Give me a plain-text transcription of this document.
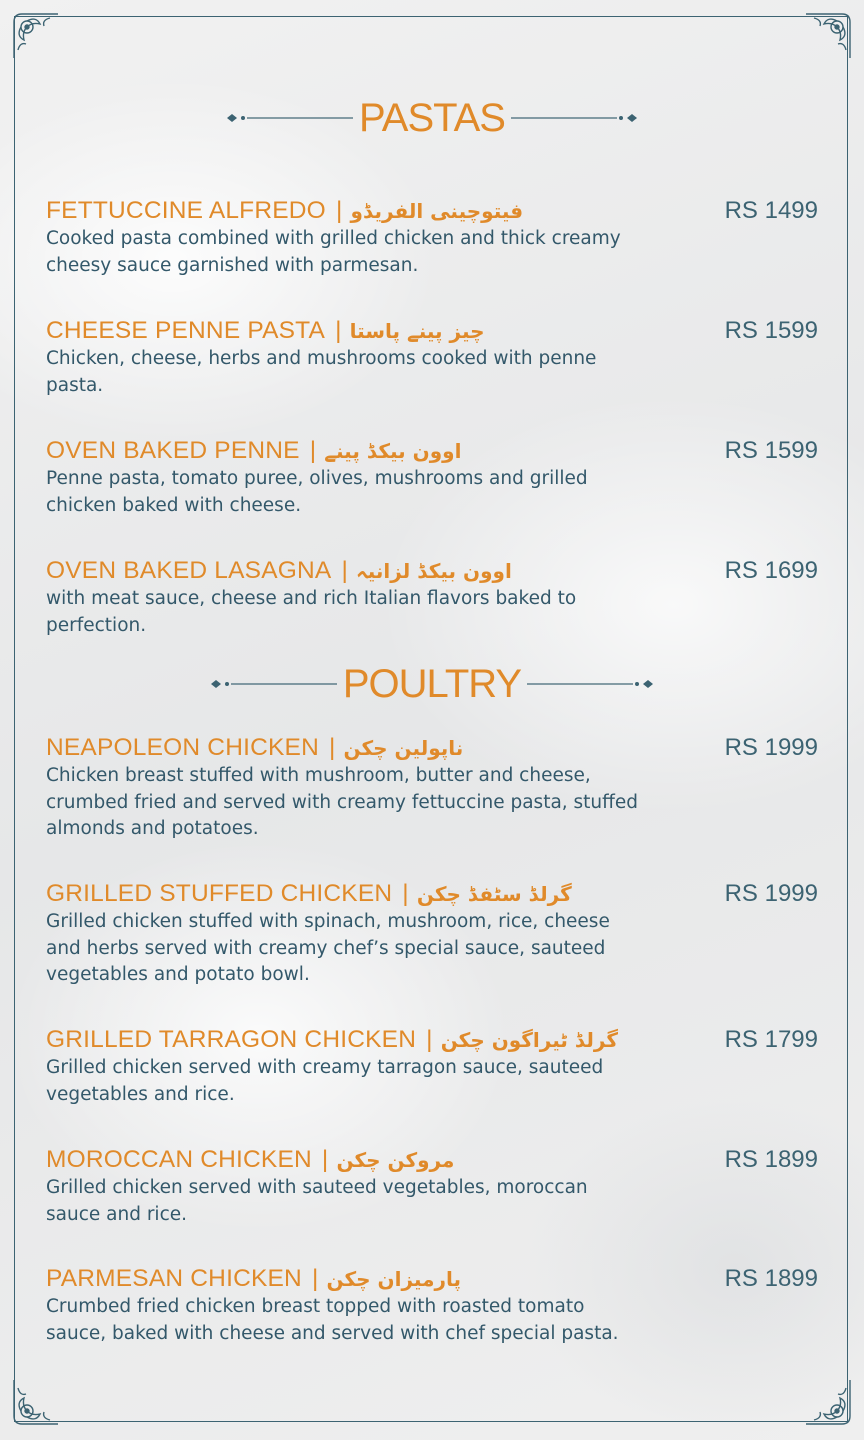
PASTAS
FETTUCCINE ALFREDO | فیتوچینی الفریڈو	RS 1499
Cooked pasta combined with grilled chicken and thick creamy cheesy sauce garnished with parmesan.
CHEESE PENNE PASTA | چیز پینے پاستا	RS 1599
Chicken, cheese, herbs and mushrooms cooked with penne pasta.
OVEN BAKED PENNE | اوون بیکڈ پینے	RS 1599
Penne pasta, tomato puree, olives, mushrooms and grilled chicken baked with cheese.
OVEN BAKED LASAGNA | اوون بیکڈ لزانیہ	RS 1699
with meat sauce, cheese and rich Italian flavors baked to perfection.
POULTRY
NEAPOLEON CHICKEN | ناپولین چکن	RS 1999
Chicken breast stuffed with mushroom, butter and cheese, crumbed fried and served with creamy fettuccine pasta, stuffed almonds and potatoes.
GRILLED STUFFED CHICKEN | گرلڈ سٹفڈ چکن	RS 1999
Grilled chicken stuffed with spinach, mushroom, rice, cheese and herbs served with creamy chef’s special sauce, sauteed vegetables and potato bowl.
GRILLED TARRAGON CHICKEN | گرلڈ ٹیراگون چکن	RS 1799
Grilled chicken served with creamy tarragon sauce, sauteed vegetables and rice.
MOROCCAN CHICKEN | مروکن چکن	RS 1899
Grilled chicken served with sauteed vegetables, moroccan sauce and rice.
PARMESAN CHICKEN | پارمیزان چکن	RS 1899
Crumbed fried chicken breast topped with roasted tomato sauce, baked with cheese and served with chef special pasta.
